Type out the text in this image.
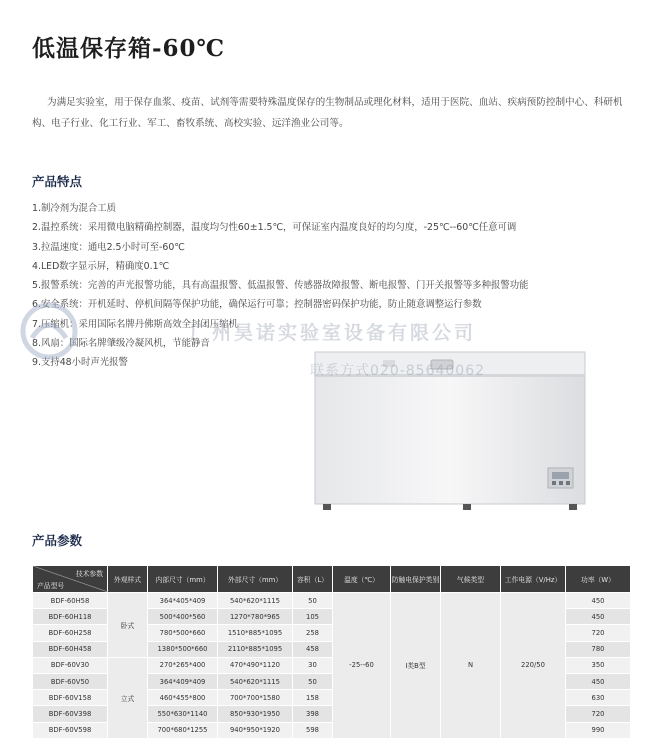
低温保存箱-60℃
为满足实验室，用于保存血浆、疫苗、试剂等需要特殊温度保存的生物制品或理化材料，适用于医院、血站、疾病预防控制中心、科研机构、电子行业、化工行业、军工、畜牧系统、高校实验、远洋渔业公司等。
产品特点
1.制冷剂为混合工质
2.温控系统：采用微电脑精确控制器，温度均匀性60±1.5℃，可保证室内温度良好的均匀度，-25℃--60℃任意可调
3.拉温速度：通电2.5小时可至-60℃
4.LED数字显示屏，精确度0.1℃
5.报警系统：完善的声光报警功能，具有高温报警、低温报警、传感器故障报警、断电报警、门开关报警等多种报警功能
6.安全系统：开机延时、停机间隔等保护功能，确保运行可靠；控制器密码保护功能，防止随意调整运行参数
7.压缩机：采用国际名牌丹佛斯高效全封闭压缩机
8.风扇：国际名牌肇级冷凝风机，节能静音
9.支持48小时声光报警
广州昊诺实验室设备有限公司
联系方式020-85640062
产品参数
技术参数
产品型号	外观样式	内部尺寸（mm）	外部尺寸（mm）	容积（L）	温度（℃）	防触电保护类别	气候类型	工作电源（V/Hz）	功率（W）
BDF-60H58	卧式	364*405*409	540*620*1115	50	-25--60	I类B型	N	220/50	450
BDF-60H118		500*400*560	1270*780*965	105					450
BDF-60H258		780*500*660	1510*885*1095	258					720
BDF-60H458		1380*500*660	2110*885*1095	458					780
BDF-60V30	立式	270*265*400	470*490*1120	30					350
BDF-60V50		364*409*409	540*620*1115	50					450
BDF-60V158		460*455*800	700*700*1580	158					630
BDF-60V398		550*630*1140	850*930*1950	398					720
BDF-60V598		700*680*1255	940*950*1920	598					990
